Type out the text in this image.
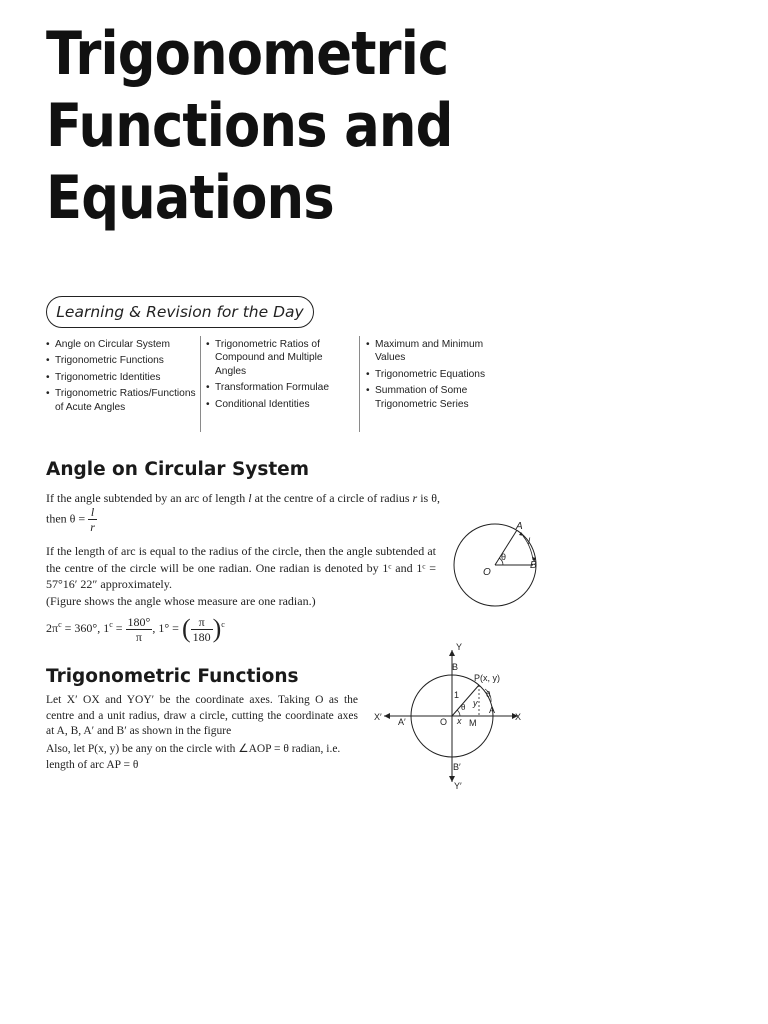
Trigonometric
Functions and
Equations
Learning & Revision for the Day
• Angle on Circular System
• Trigonometric Functions
• Trigonometric Identities
• Trigonometric Ratios/Functions of Acute Angles
• Trigonometric Ratios of Compound and Multiple Angles
• Transformation Formulae
• Conditional Identities
• Maximum and Minimum Values
• Trigonometric Equations
• Summation of Some Trigonometric Series
Angle on Circular System
If the angle subtended by an arc of length l at the centre of a circle of radius r is θ,
then $\theta = \frac{l}{r}$
If the length of arc is equal to the radius of the circle, then the angle subtended at the centre of the circle will be one radian. One radian is denoted by 1ᶜ and 1ᶜ = 57°16′ 22″ approximately.
(Figure shows the angle whose measure are one radian.)
$2\pi^c = 360^\circ$, $1^c = \frac{180^\circ}{\pi}$ , 1° = ( $\frac{\pi}{180} )^c$
A
B
O
θ
l
Trigonometric Functions
Let X′ OX and YOY′ be the coordinate axes. Taking O as the centre and a unit radius, draw a circle, cutting the coordinate axes at A, B, A′ and B′ as shown in the figure
Also, let P(x, y) be any on the circle with ∠AOP = θ radian, i.e. length of arc AP = θ
Y
Y′
X
X′
B
B′
A
A′	O M
x
P(x, y)
1
y
θ
θ
